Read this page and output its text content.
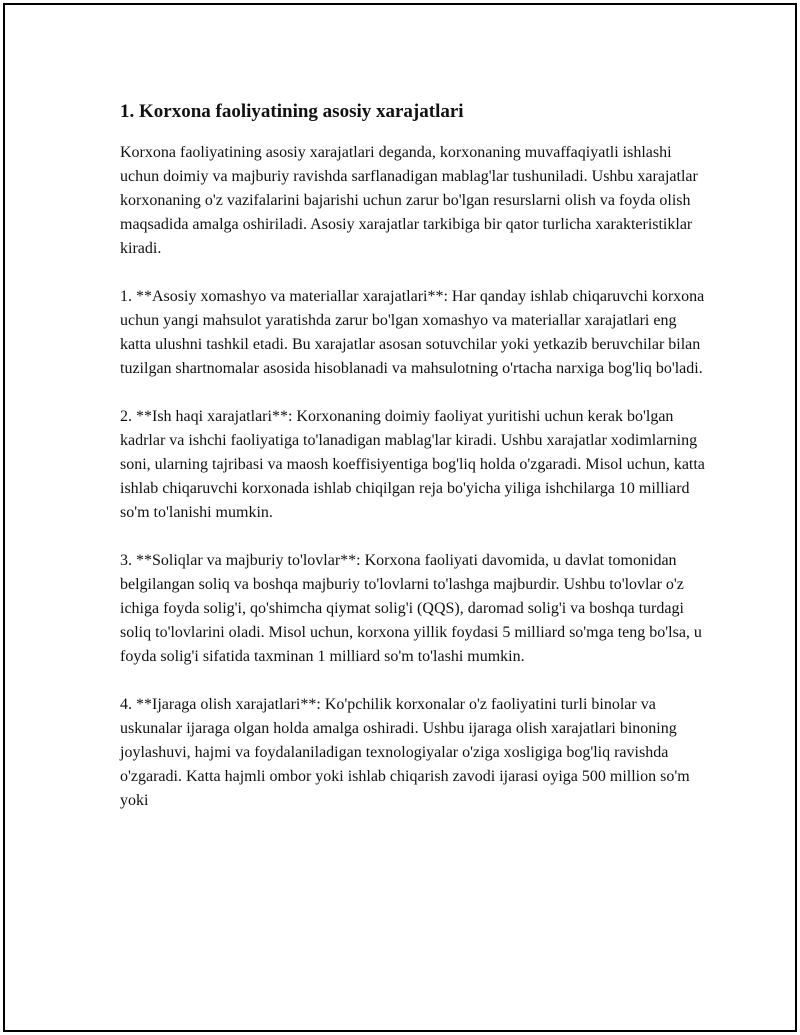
1. Korxona faoliyatining asosiy xarajatlari

Korxona faoliyatining asosiy xarajatlari deganda, korxonaning muvaffaqiyatli ishlashi uchun doimiy va majburiy ravishda sarflanadigan mablag'lar tushuniladi. Ushbu xarajatlar korxonaning o'z vazifalarini bajarishi uchun zarur bo'lgan resurslarni olish va foyda olish maqsadida amalga oshiriladi. Asosiy xarajatlar tarkibiga bir qator turlicha xarakteristiklar kiradi.

1. **Asosiy xomashyo va materiallar xarajatlari**: Har qanday ishlab chiqaruvchi korxona uchun yangi mahsulot yaratishda zarur bo'lgan xomashyo va materiallar xarajatlari eng katta ulushni tashkil etadi. Bu xarajatlar asosan sotuvchilar yoki yetkazib beruvchilar bilan tuzilgan shartnomalar asosida hisoblanadi va mahsulotning o'rtacha narxiga bog'liq bo'ladi.

2. **Ish haqi xarajatlari**: Korxonaning doimiy faoliyat yuritishi uchun kerak bo'lgan kadrlar va ishchi faoliyatiga to'lanadigan mablag'lar kiradi. Ushbu xarajatlar xodimlarning soni, ularning tajribasi va maosh koeffisiyentiga bog'liq holda o'zgaradi. Misol uchun, katta ishlab chiqaruvchi korxonada ishlab chiqilgan reja bo'yicha yiliga ishchilarga 10 milliard so'm to'lanishi mumkin.

3. **Soliqlar va majburiy to'lovlar**: Korxona faoliyati davomida, u davlat tomonidan belgilangan soliq va boshqa majburiy to'lovlarni to'lashga majburdir. Ushbu to'lovlar o'z ichiga foyda solig'i, qo'shimcha qiymat solig'i (QQS), daromad solig'i va boshqa turdagi soliq to'lovlarini oladi. Misol uchun, korxona yillik foydasi 5 milliard so'mga teng bo'lsa, u foyda solig'i sifatida taxminan 1 milliard so'm to'lashi mumkin.

4. **Ijaraga olish xarajatlari**: Ko'pchilik korxonalar o'z faoliyatini turli binolar va uskunalar ijaraga olgan holda amalga oshiradi. Ushbu ijaraga olish xarajatlari binoning joylashuvi, hajmi va foydalaniladigan texnologiyalar o'ziga xosligiga bog'liq ravishda o'zgaradi. Katta hajmli ombor yoki ishlab chiqarish zavodi ijarasi oyiga 500 million so'm yoki
